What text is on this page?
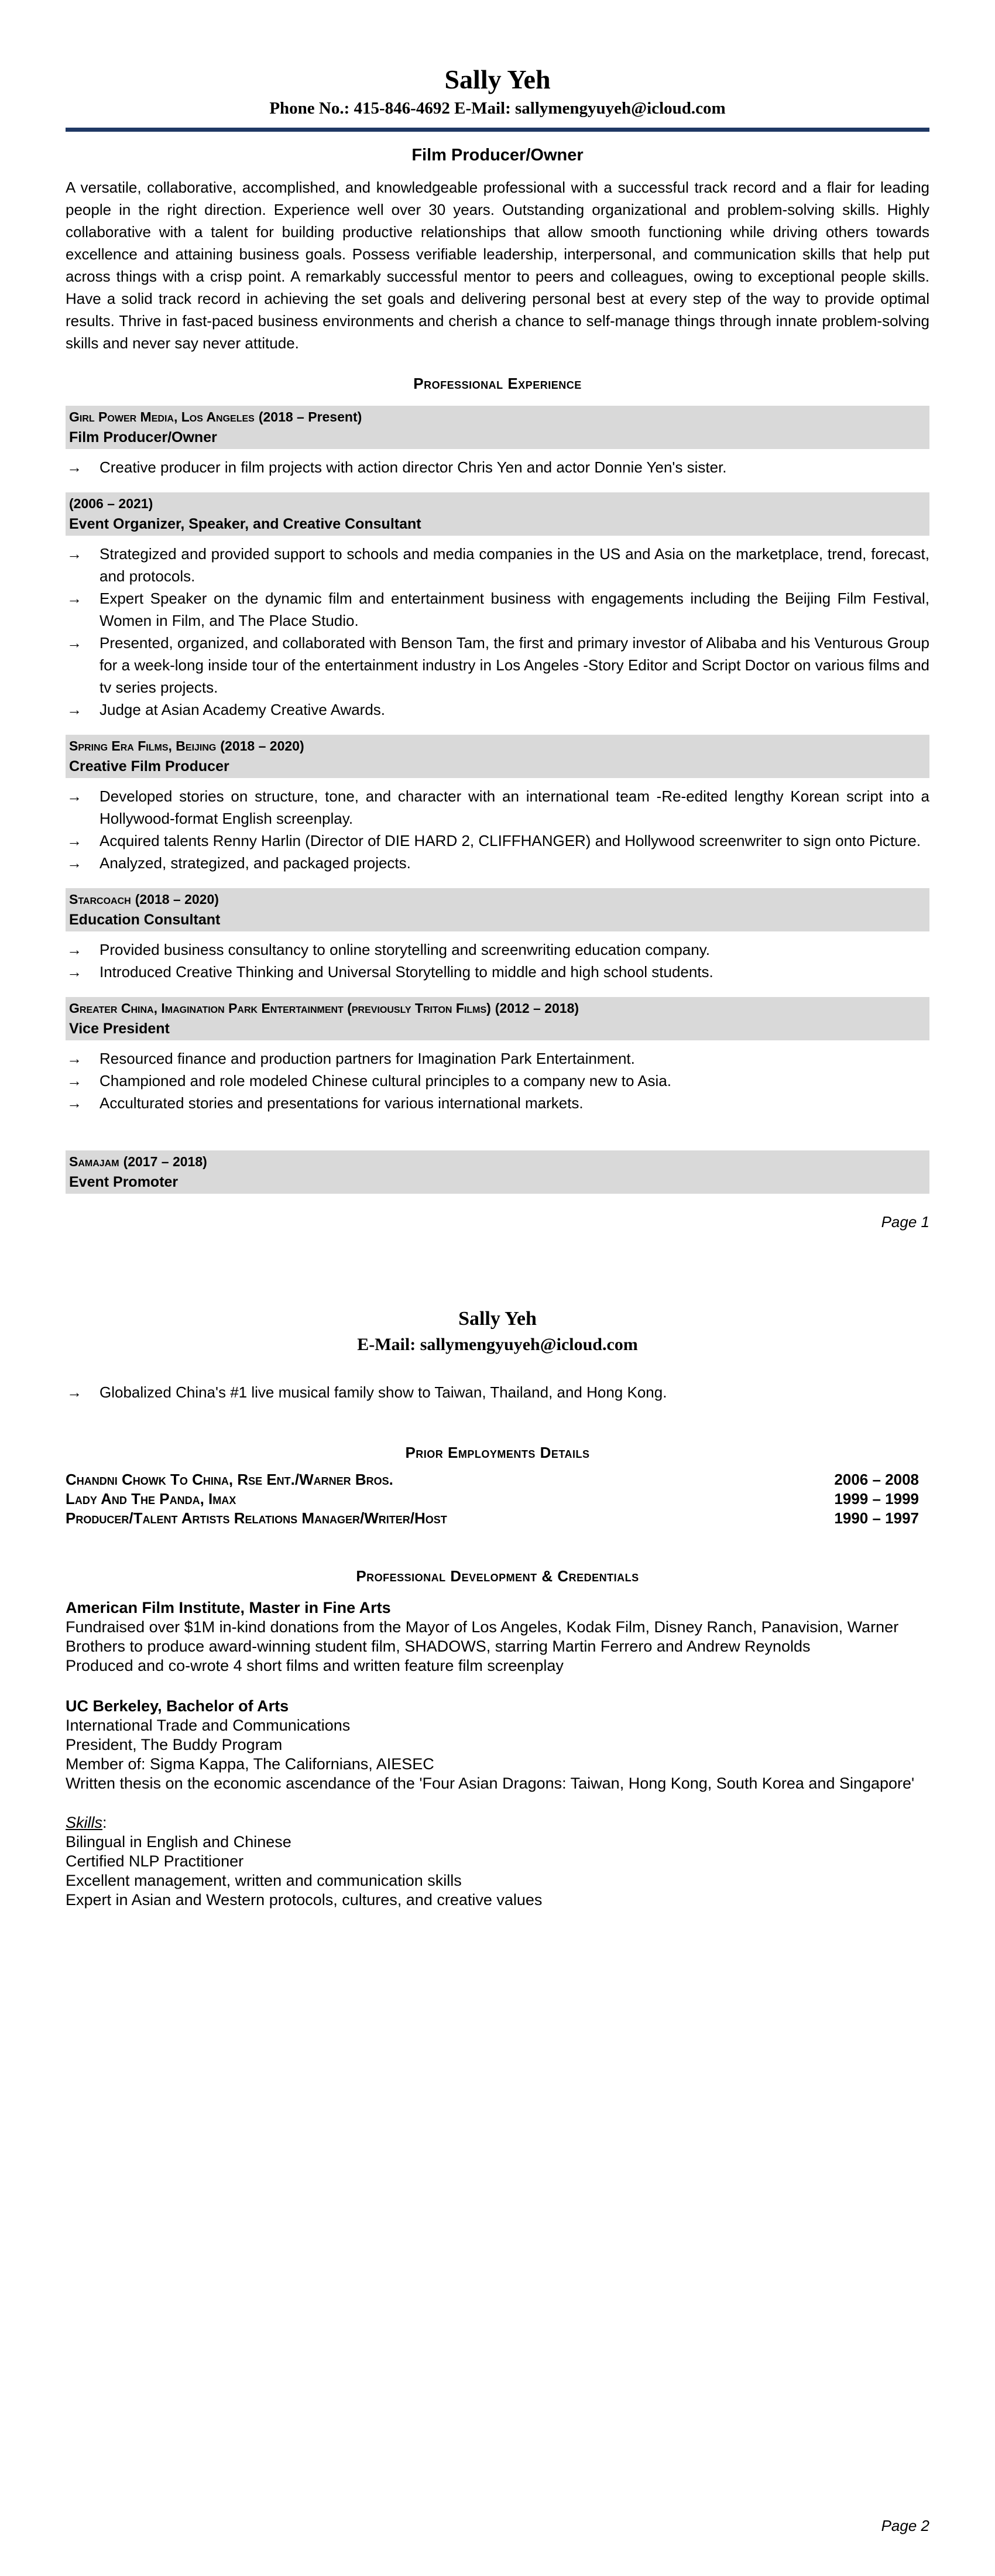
Sally Yeh
Phone No.: 415-846-4692 E-Mail: sallymengyuyeh@icloud.com
Film Producer/Owner
A versatile, collaborative, accomplished, and knowledgeable professional with a successful track record and a flair for leading people in the right direction. Experience well over 30 years. Outstanding organizational and problem-solving skills. Highly collaborative with a talent for building productive relationships that allow smooth functioning while driving others towards excellence and attaining business goals. Possess verifiable leadership, interpersonal, and communication skills that help put across things with a crisp point. A remarkably successful mentor to peers and colleagues, owing to exceptional people skills. Have a solid track record in achieving the set goals and delivering personal best at every step of the way to provide optimal results. Thrive in fast-paced business environments and cherish a chance to self-manage things through innate problem-solving skills and never say never attitude.
Professional Experience
Girl Power Media, Los Angeles (2018 – Present)
Film Producer/Owner
→	Creative producer in film projects with action director Chris Yen and actor Donnie Yen's sister.
(2006 – 2021)
Event Organizer, Speaker, and Creative Consultant
→	Strategized and provided support to schools and media companies in the US and Asia on the marketplace, trend, forecast, and protocols.
→	Expert Speaker on the dynamic film and entertainment business with engagements including the Beijing Film Festival, Women in Film, and The Place Studio.
→	Presented, organized, and collaborated with Benson Tam, the first and primary investor of Alibaba and his Venturous Group for a week-long inside tour of the entertainment industry in Los Angeles -Story Editor and Script Doctor on various films and tv series projects.
→	Judge at Asian Academy Creative Awards.
Spring Era Films, Beijing (2018 – 2020)
Creative Film Producer
→	Developed stories on structure, tone, and character with an international team -Re-edited lengthy Korean script into a Hollywood-format English screenplay.
→	Acquired talents Renny Harlin (Director of DIE HARD 2, CLIFFHANGER) and Hollywood screenwriter to sign onto Picture.
→	Analyzed, strategized, and packaged projects.
Starcoach (2018 – 2020)
Education Consultant
→	Provided business consultancy to online storytelling and screenwriting education company.
→	Introduced Creative Thinking and Universal Storytelling to middle and high school students.
Greater China, Imagination Park Entertainment (previously Triton Films) (2012 – 2018)
Vice President
→	Resourced finance and production partners for Imagination Park Entertainment.
→	Championed and role modeled Chinese cultural principles to a company new to Asia.
→	Acculturated stories and presentations for various international markets.
Samajam (2017 – 2018)
Event Promoter
Page 1
Sally Yeh
E-Mail: sallymengyuyeh@icloud.com
→	Globalized China's #1 live musical family show to Taiwan, Thailand, and Hong Kong.
Prior Employments Details
Chandni Chowk To China, Rse Ent./Warner Bros.	2006 – 2008
Lady And The Panda, Imax	1999 – 1999
Producer/Talent Artists Relations Manager/Writer/Host	1990 – 1997
Professional Development & Credentials
American Film Institute, Master in Fine Arts
Fundraised over $1M in-kind donations from the Mayor of Los Angeles, Kodak Film, Disney Ranch, Panavision, Warner Brothers to produce award-winning student film, SHADOWS, starring Martin Ferrero and Andrew Reynolds
Produced and co-wrote 4 short films and written feature film screenplay
UC Berkeley, Bachelor of Arts
International Trade and Communications
President, The Buddy Program
Member of: Sigma Kappa, The Californians, AIESEC
Written thesis on the economic ascendance of the 'Four Asian Dragons: Taiwan, Hong Kong, South Korea and Singapore'
Skills:
Bilingual in English and Chinese
Certified NLP Practitioner
Excellent management, written and communication skills
Expert in Asian and Western protocols, cultures, and creative values
Page 2
